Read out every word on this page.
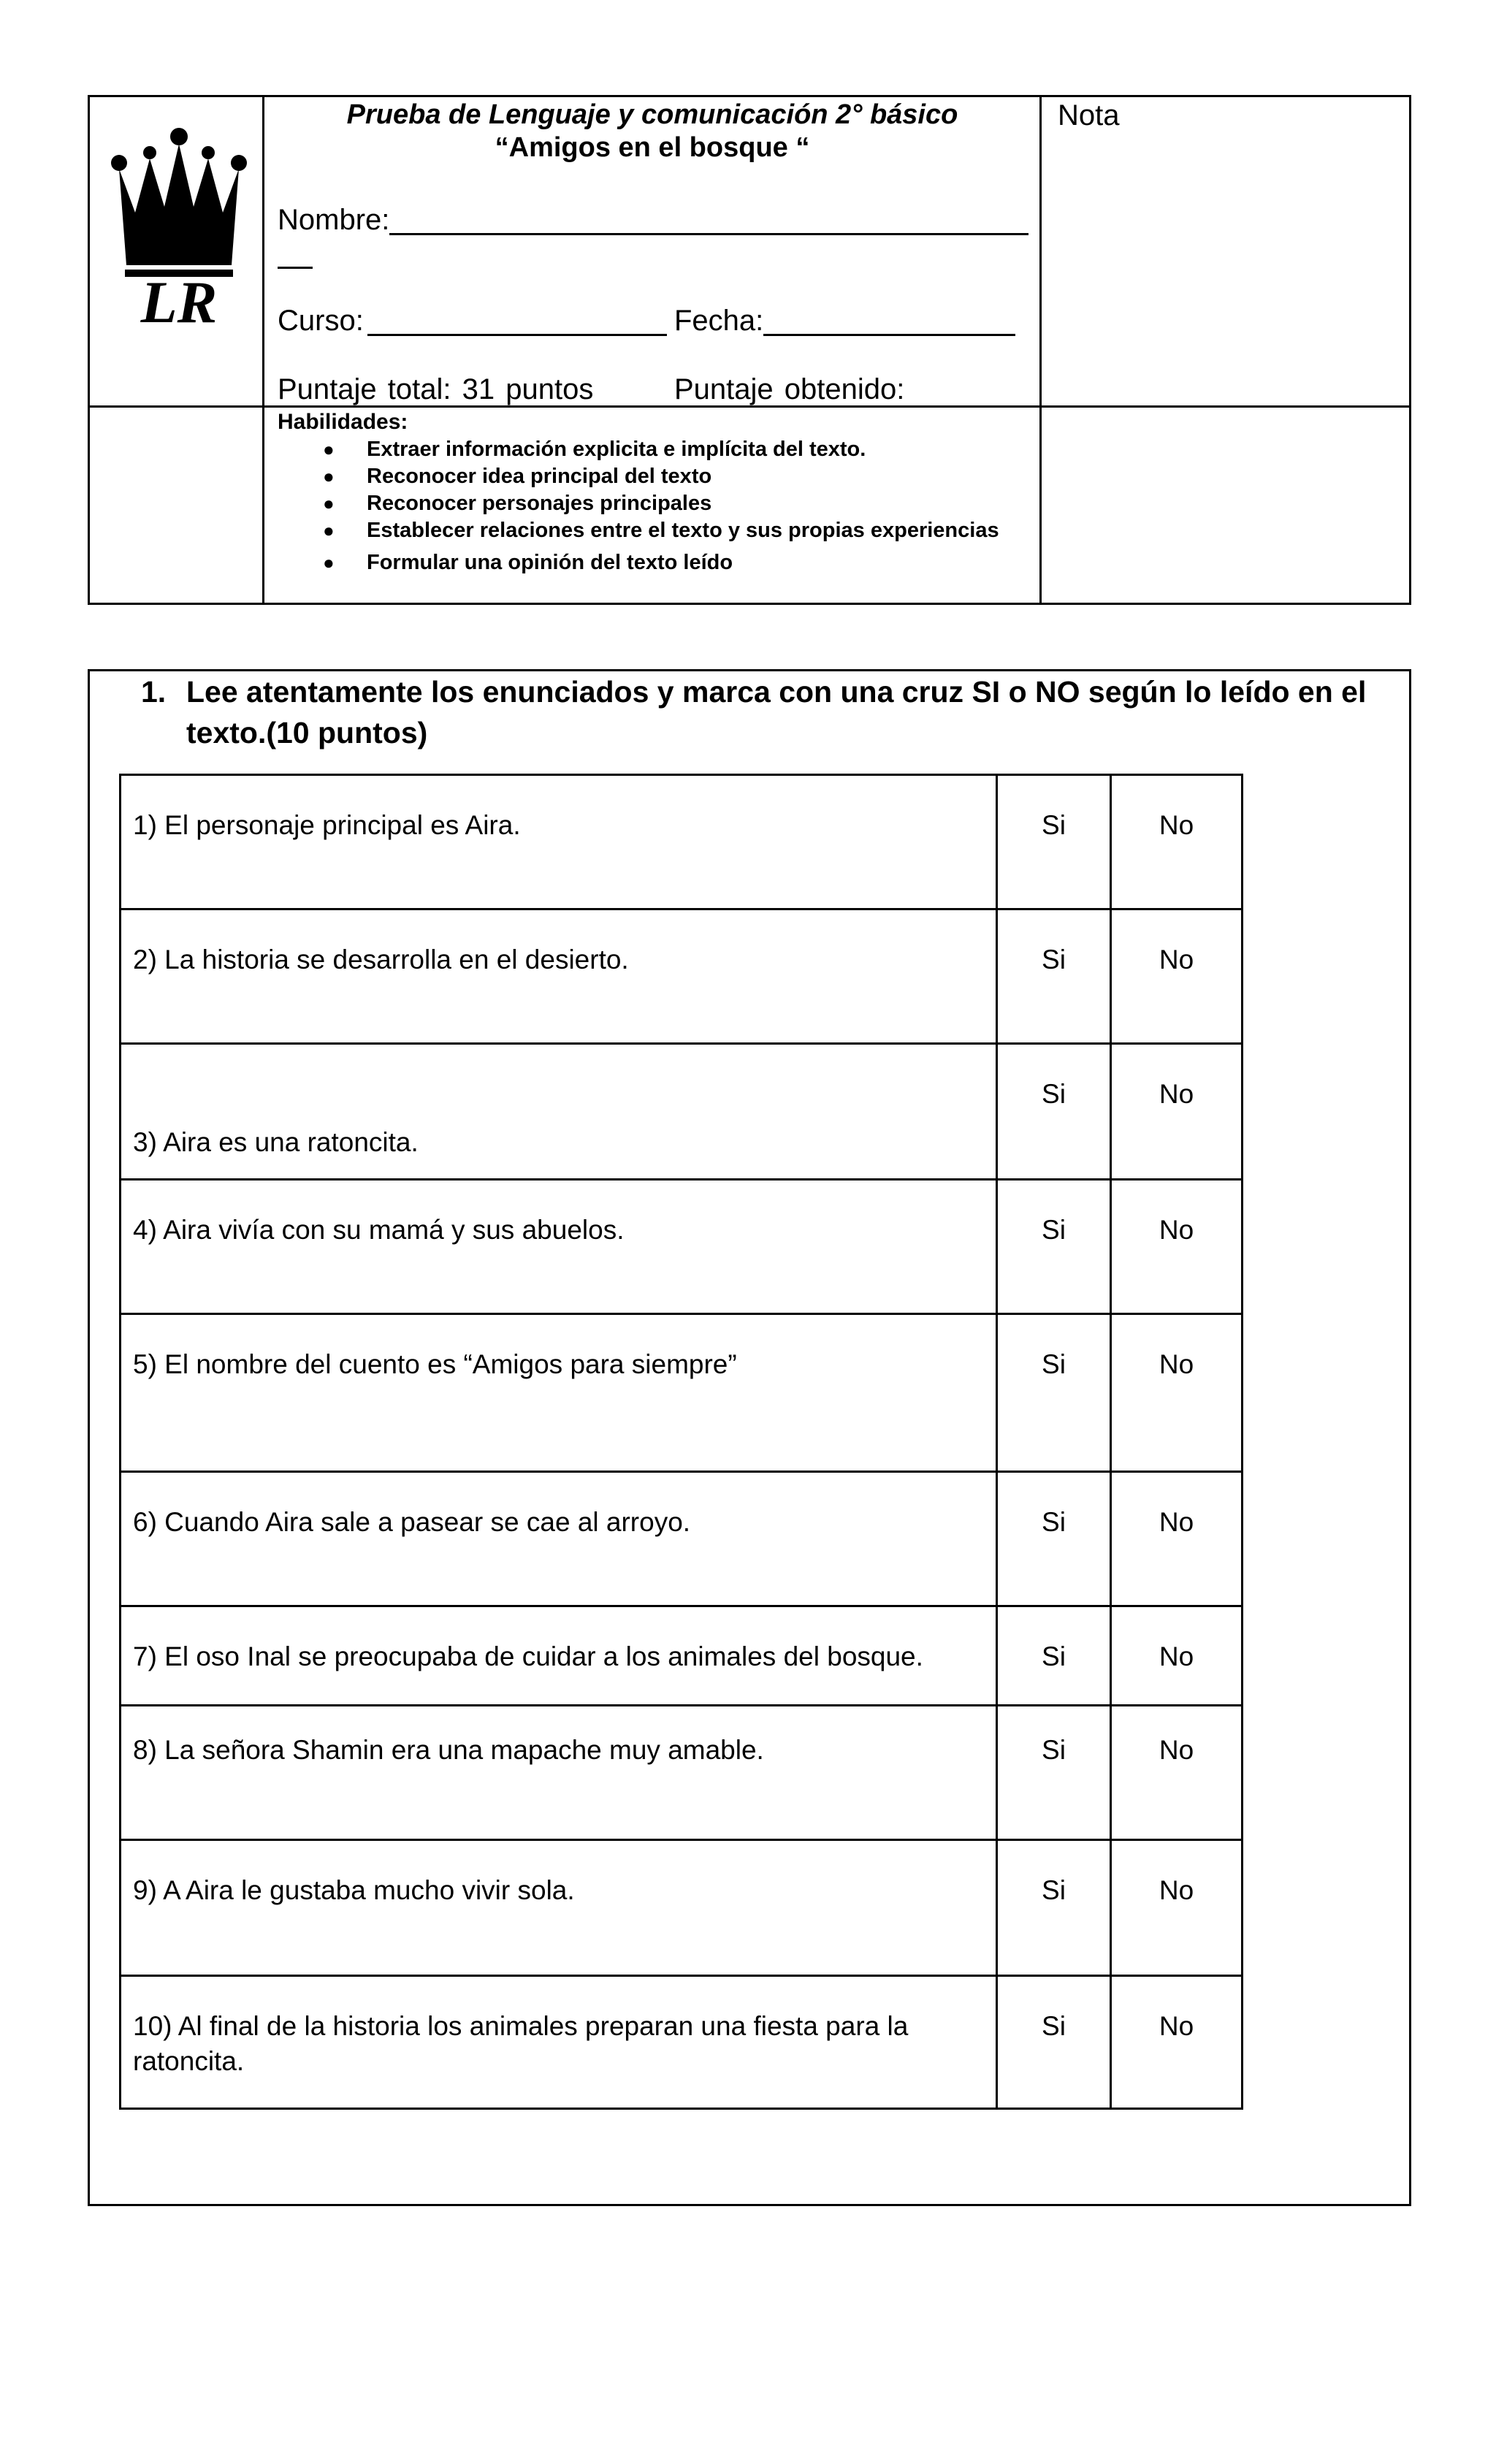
LR
Prueba de Lenguaje y comunicación 2° básico
“Amigos en el bosque “
Nombre:
Curso:	Fecha:
Puntaje total: 31 puntos	Puntaje obtenido:
Nota
Habilidades:
● Extraer información explicita e implícita del texto.
● Reconocer idea principal del texto
● Reconocer personajes principales
● Establecer relaciones entre el texto y sus propias experiencias
● Formular una opinión del texto leído
1. Lee atentamente los enunciados y marca con una cruz SI o NO según lo leído en el texto.(10 puntos)
1) El personaje principal es Aira.	Si	No
2) La historia se desarrolla en el desierto.	Si	No
3) Aira es una ratoncita.	Si	No
4) Aira vivía con su mamá y sus abuelos.	Si	No
5) El nombre del cuento es “Amigos para siempre”	Si	No
6) Cuando Aira sale a pasear se cae al arroyo.	Si	No
7) El oso Inal se preocupaba de cuidar a los animales del bosque.	Si	No
8) La señora Shamin era una mapache muy amable.	Si	No
9) A Aira le gustaba mucho vivir sola.	Si	No
10) Al final de la historia los animales preparan una fiesta para la ratoncita.	Si	No
